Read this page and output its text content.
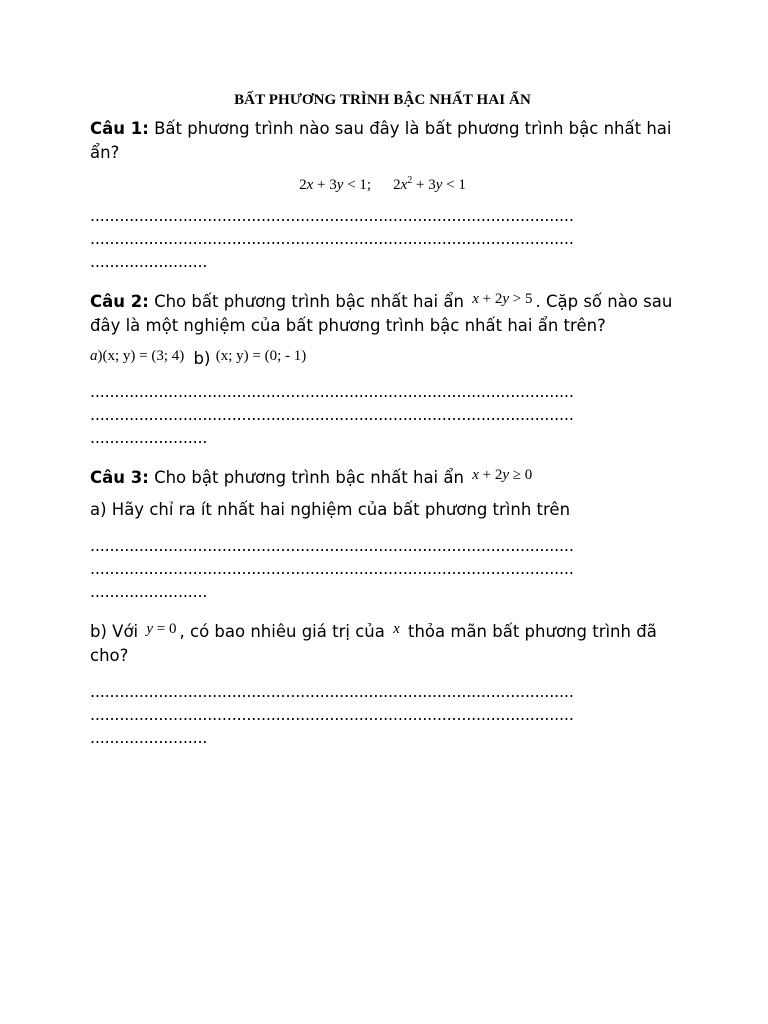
BẤT PHƯƠNG TRÌNH BẬC NHẤT HAI ẨN

Câu 1: Bất phương trình nào sau đây là bất phương trình bậc nhất hai ẩn?

2x + 3y < 1; $2x^2 + 3y < 1$

...................................................................................................

...................................................................................................

........................

Câu 2: Cho bất phương trình bậc nhất hai ẩn x + 2y > 5 . Cặp số nào sau đây là một nghiệm của bất phương trình bậc nhất hai ẩn trên?

a)(x; y) = (3; 4) b) (x; y) = (0; - 1)

...................................................................................................

...................................................................................................

........................

Câu 3: Cho bật phương trình bậc nhất hai ẩn x + 2y ≥ 0

a) Hãy chỉ ra ít nhất hai nghiệm của bất phương trình trên

...................................................................................................

...................................................................................................

........................

b) Với y = 0 , có bao nhiêu giá trị của x thỏa mãn bất phương trình đã cho?

...................................................................................................

...................................................................................................

........................
